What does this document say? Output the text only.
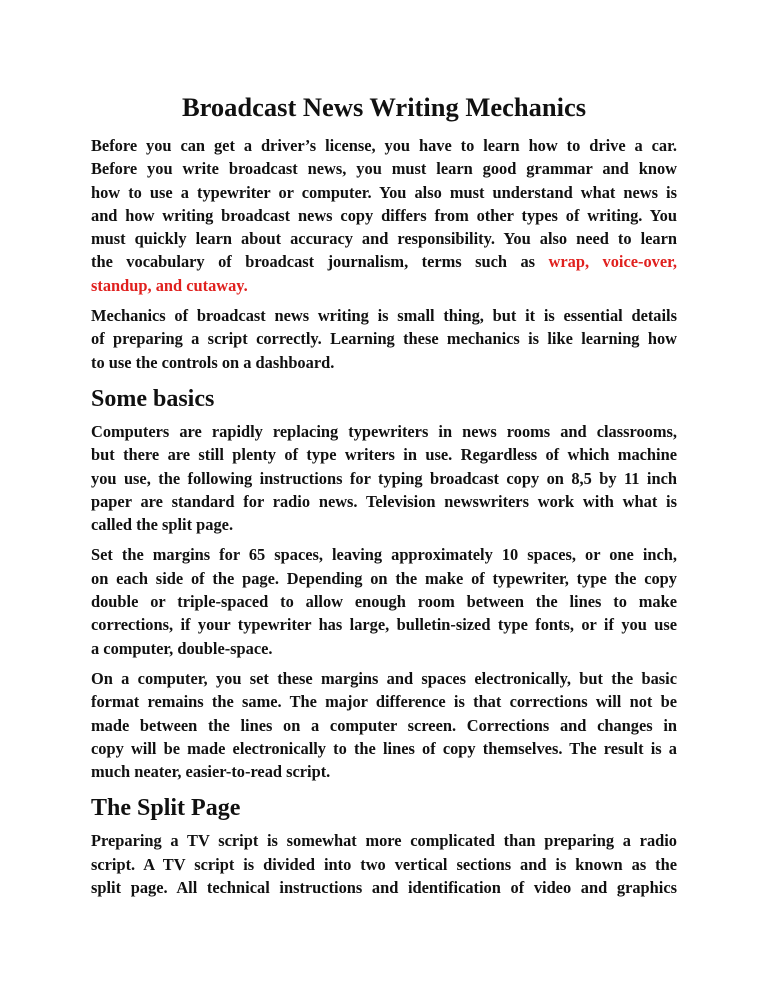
Broadcast News Writing Mechanics
Before you can get a driver’s license, you have to learn how to drive a car.
Before you write broadcast news, you must learn good grammar and know
how to use a typewriter or computer. You also must understand what news is
and how writing broadcast news copy differs from other types of writing. You
must quickly learn about accuracy and responsibility. You also need to learn
the vocabulary of broadcast journalism, terms such as wrap, voice-over,
standup, and cutaway.
Mechanics of broadcast news writing is small thing, but it is essential details
of preparing a script correctly. Learning these mechanics is like learning how
to use the controls on a dashboard.
Some basics
Computers are rapidly replacing typewriters in news rooms and classrooms,
but there are still plenty of type writers in use. Regardless of which machine
you use, the following instructions for typing broadcast copy on 8,5 by 11 inch
paper are standard for radio news. Television newswriters work with what is
called the split page.
Set the margins for 65 spaces, leaving approximately 10 spaces, or one inch,
on each side of the page. Depending on the make of typewriter, type the copy
double or triple-spaced to allow enough room between the lines to make
corrections, if your typewriter has large, bulletin-sized type fonts, or if you use
a computer, double-space.
On a computer, you set these margins and spaces electronically, but the basic
format remains the same. The major difference is that corrections will not be
made between the lines on a computer screen. Corrections and changes in
copy will be made electronically to the lines of copy themselves. The result is a
much neater, easier-to-read script.
The Split Page
Preparing a TV script is somewhat more complicated than preparing a radio
script. A TV script is divided into two vertical sections and is known as the
split page. All technical instructions and identification of video and graphics
